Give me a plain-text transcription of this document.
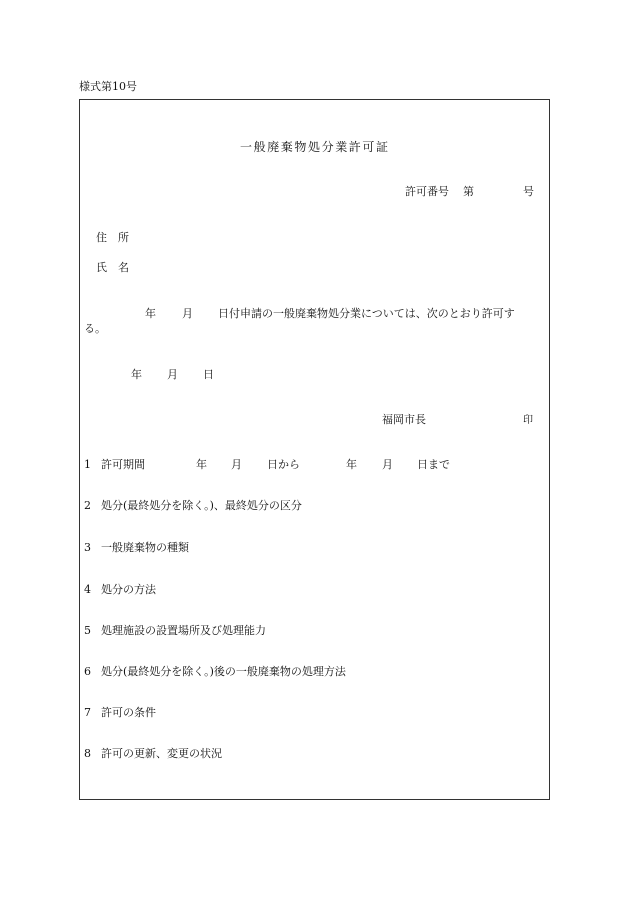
様式第10号
一般廃棄物処分業許可証
許可番号 第	号
住　所
氏　名
年 月 日付申請の一般廃棄物処分業については、次のとおり許可す
る。
年 月 日
福岡市長	印
1 許可期間	年 月 日から	年 月 日まで
2 処分(最終処分を除く。)、最終処分の区分
3 一般廃棄物の種類
4 処分の方法
5 処理施設の設置場所及び処理能力
6 処分(最終処分を除く。)後の一般廃棄物の処理方法
7 許可の条件
8 許可の更新、変更の状況
